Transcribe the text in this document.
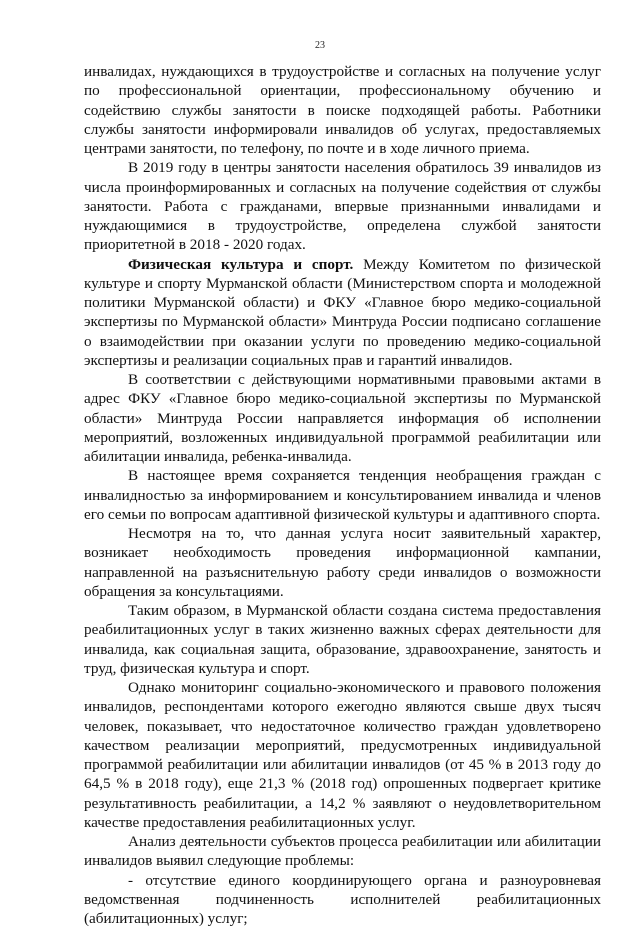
23

инвалидах, нуждающихся в трудоустройстве и согласных на получение услуг по профессиональной ориентации, профессиональному обучению и содействию службы занятости в поиске подходящей работы. Работники службы занятости информировали инвалидов об услугах, предоставляемых центрами занятости, по телефону, по почте и в ходе личного приема.

В 2019 году в центры занятости населения обратилось 39 инвалидов из числа проинформированных и согласных на получение содействия от службы занятости. Работа с гражданами, впервые признанными инвалидами и нуждающимися в трудоустройстве, определена службой занятости приоритетной в 2018 - 2020 годах.

Физическая культура и спорт. Между Комитетом по физической культуре и спорту Мурманской области (Министерством спорта и молодежной политики Мурманской области) и ФКУ «Главное бюро медико-социальной экспертизы по Мурманской области» Минтруда России подписано соглашение о взаимодействии при оказании услуги по проведению медико-социальной экспертизы и реализации социальных прав и гарантий инвалидов.

В соответствии с действующими нормативными правовыми актами в адрес ФКУ «Главное бюро медико-социальной экспертизы по Мурманской области» Минтруда России направляется информация об исполнении мероприятий, возложенных индивидуальной программой реабилитации или абилитации инвалида, ребенка-инвалида.

В настоящее время сохраняется тенденция необращения граждан с инвалидностью за информированием и консультированием инвалида и членов его семьи по вопросам адаптивной физической культуры и адаптивного спорта.

Несмотря на то, что данная услуга носит заявительный характер, возникает необходимость проведения информационной кампании, направленной на разъяснительную работу среди инвалидов о возможности обращения за консультациями.

Таким образом, в Мурманской области создана система предоставления реабилитационных услуг в таких жизненно важных сферах деятельности для инвалида, как социальная защита, образование, здравоохранение, занятость и труд, физическая культура и спорт.

Однако мониторинг социально-экономического и правового положения инвалидов, респондентами которого ежегодно являются свыше двух тысяч человек, показывает, что недостаточное количество граждан удовлетворено качеством реализации мероприятий, предусмотренных индивидуальной программой реабилитации или абилитации инвалидов (от 45 % в 2013 году до 64,5 % в 2018 году), еще 21,3 % (2018 год) опрошенных подвергает критике результативность реабилитации, а 14,2 % заявляют о неудовлетворительном качестве предоставления реабилитационных услуг.

Анализ деятельности субъектов процесса реабилитации или абилитации инвалидов выявил следующие проблемы:

- отсутствие единого координирующего органа и разноуровневая ведомственная подчиненность исполнителей реабилитационных (абилитационных) услуг;
